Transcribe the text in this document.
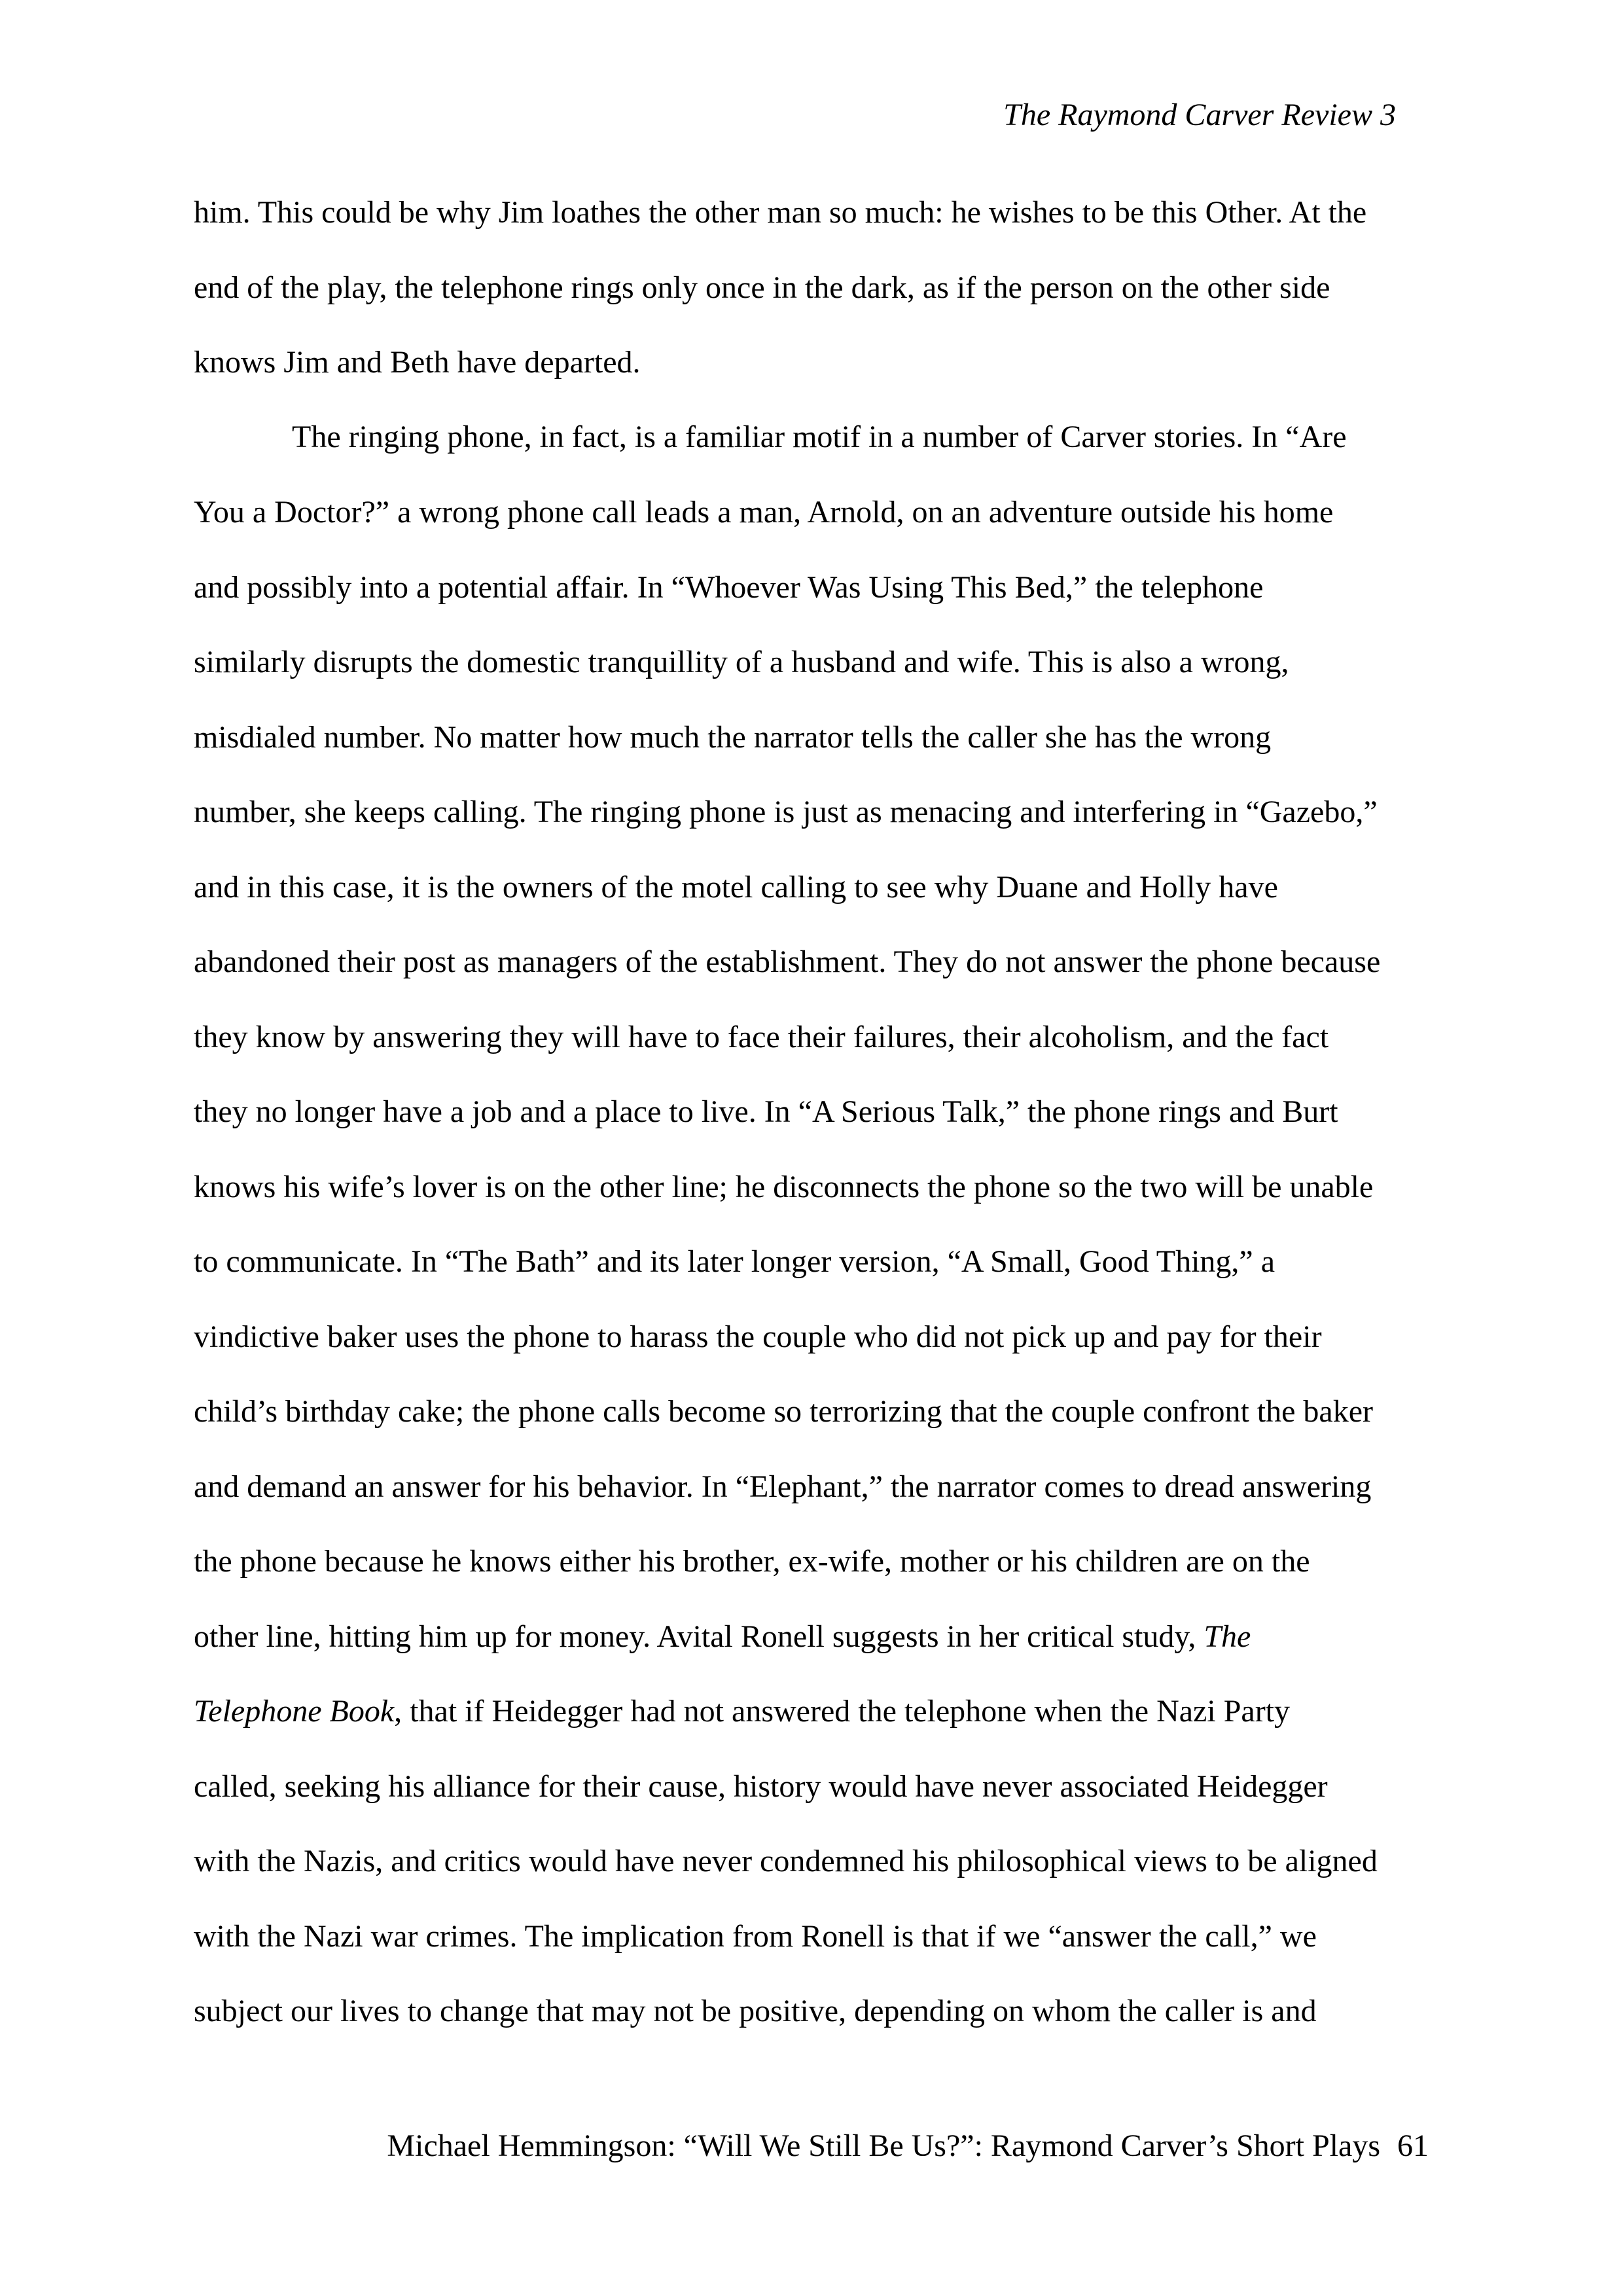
The Raymond Carver Review 3
him. This could be why Jim loathes the other man so much: he wishes to be this Other. At the
end of the play, the telephone rings only once in the dark, as if the person on the other side
knows Jim and Beth have departed.
The ringing phone, in fact, is a familiar motif in a number of Carver stories. In “Are
You a Doctor?” a wrong phone call leads a man, Arnold, on an adventure outside his home
and possibly into a potential affair. In “Whoever Was Using This Bed,” the telephone
similarly disrupts the domestic tranquillity of a husband and wife. This is also a wrong,
misdialed number. No matter how much the narrator tells the caller she has the wrong
number, she keeps calling. The ringing phone is just as menacing and interfering in “Gazebo,”
and in this case, it is the owners of the motel calling to see why Duane and Holly have
abandoned their post as managers of the establishment. They do not answer the phone because
they know by answering they will have to face their failures, their alcoholism, and the fact
they no longer have a job and a place to live. In “A Serious Talk,” the phone rings and Burt
knows his wife’s lover is on the other line; he disconnects the phone so the two will be unable
to communicate. In “The Bath” and its later longer version, “A Small, Good Thing,” a
vindictive baker uses the phone to harass the couple who did not pick up and pay for their
child’s birthday cake; the phone calls become so terrorizing that the couple confront the baker
and demand an answer for his behavior. In “Elephant,” the narrator comes to dread answering
the phone because he knows either his brother, ex-wife, mother or his children are on the
other line, hitting him up for money. Avital Ronell suggests in her critical study, The
Telephone Book, that if Heidegger had not answered the telephone when the Nazi Party
called, seeking his alliance for their cause, history would have never associated Heidegger
with the Nazis, and critics would have never condemned his philosophical views to be aligned
with the Nazi war crimes. The implication from Ronell is that if we “answer the call,” we
subject our lives to change that may not be positive, depending on whom the caller is and
Michael Hemmingson: “Will We Still Be Us?”: Raymond Carver’s Short Plays 61
